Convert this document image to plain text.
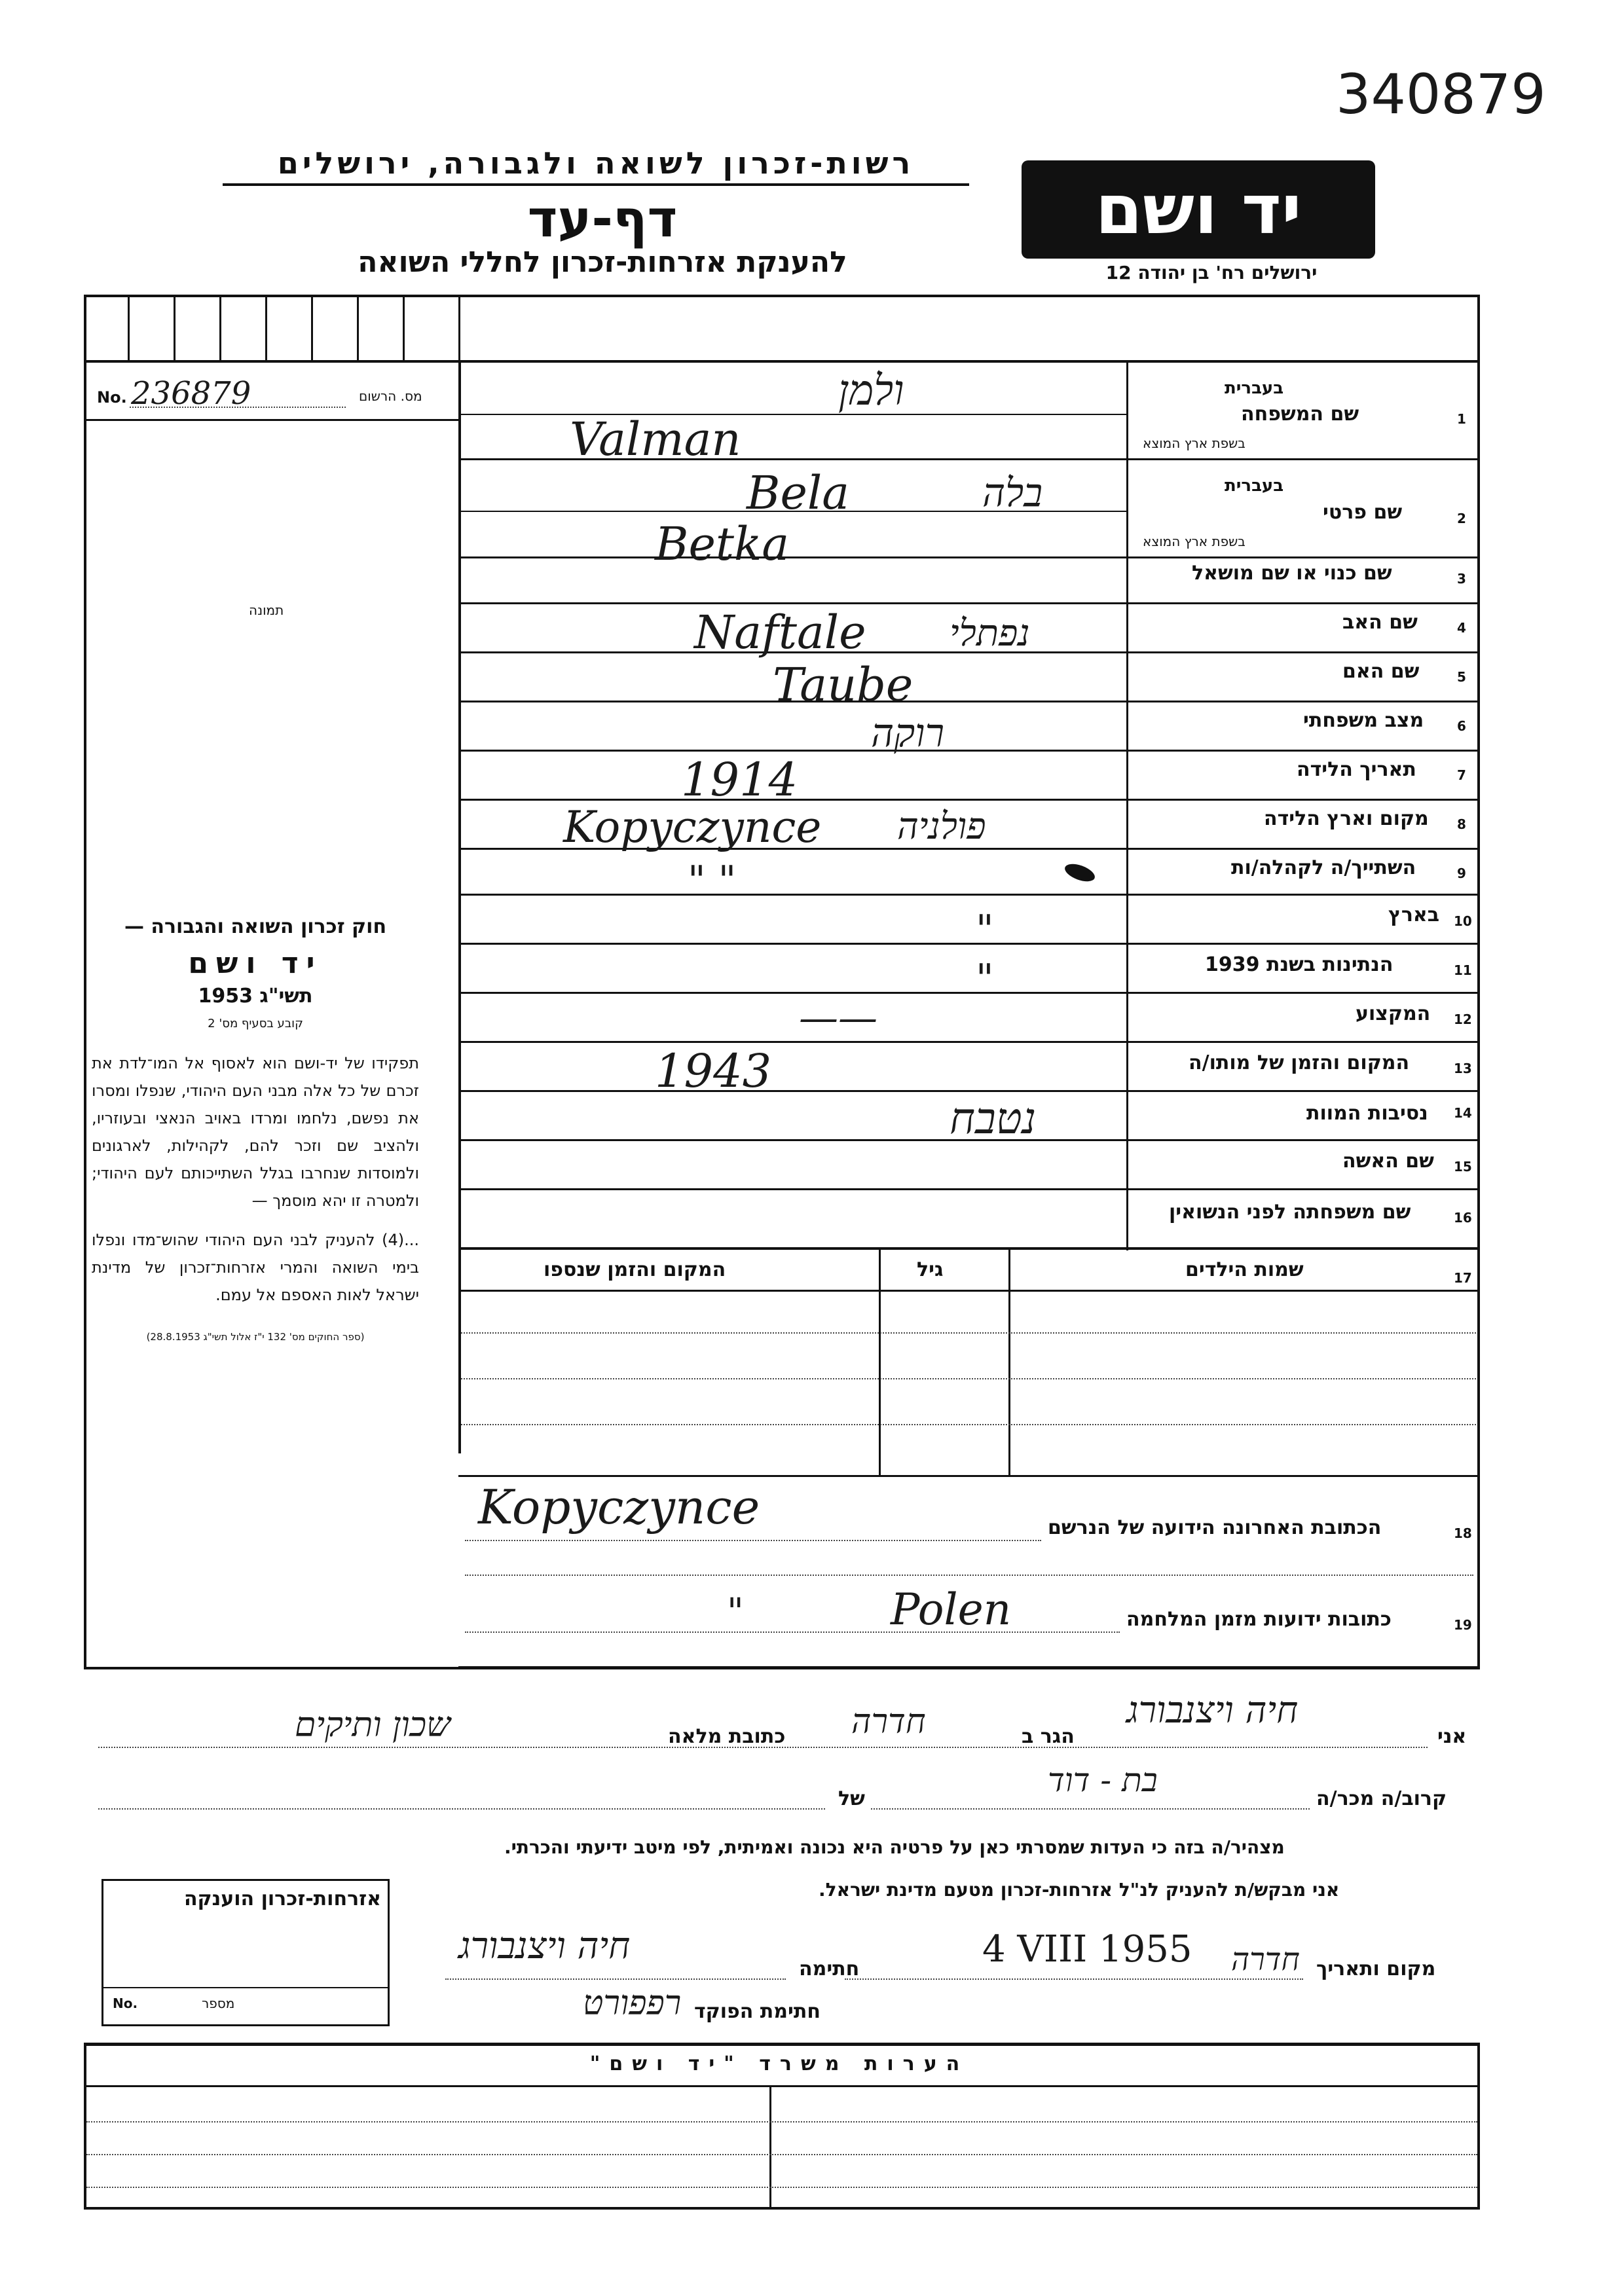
340879
רשות-זכרון לשואה ולגבורה, ירושלים
דף-עד
להענקת אזרחות-זכרון לחללי השואה
יד ושם
ירושלים רח' בן יהודה 12
No. 236879	מס. הרשום
תמונה
1
שם המשפחה
בעברית
בשפת ארץ המוצא
ולמן
Valman
2
שם פרטי
בעברית
בשפת ארץ המוצא
בלה
Bela
3
שם כנוי או שם מושאל
Betka
4
שם האב
Naftale נפתלי
5
שם האם
Taube
6
מצב משפחתי
רוקה
7
תאריך הלידה
1914
8
מקום וארץ הלידה
Kopyczynce פולניה
9
השתייך/ה לקהלה/ות
" "
10
בארץ
"
11
הנתינות בשנת 1939
"
12
המקצוע
——
13
המקום והזמן של מותו/ה
1943
14
נסיבות המוות
נטבח
15
שם האשה
16
שם משפחתה לפני הנשואין
17
שמות הילדים
גיל
המקום והזמן שנספו

חוק זכרון השואה והגבורה —

יד ושם

תשי"ג 1953

קובע בסעיף מס' 2

תפקידו של יד-ושם הוא לאסוף אל המו־לדת את זכרם של כל אלה מבני העם היהודי, שנפלו ומסרו את נפשם, נלחמו ומרדו באויב הנאצי ובעוזריו, ולהציב שם וזכר להם, לקהילות, לארגונים ולמוסדות שנחרבו בגלל השתייכותם לעם היהודי; ולמטרה זו יהא מוסמך —

...(4) להעניק לבני העם היהודי שהוש־מדו ונפלו בימי השואה והמרי אזרחות־זכרון של מדינת ישראל לאות האספם אל עמם.

(ספר החוקים מס' 132 י"ז אלול תשי"ג 28.8.1953)

18
הכתובת האחרונה הידועה של הנרשם
Kopyczynce
19
כתובות ידועות מזמן המלחמה
Polen
"
אני
חיה ויצנבורג
הגר ב
חדרה
כתובת מלאה
שכון ותיקים
קרוב/ה מכר/ה
בת - דוד
של
מצהיר/ה בזה כי העדות שמסרתי כאן על פרטיה היא נכונה ואמיתית, לפי מיטב ידיעתי והכרתי.
אני מבקש/ת להעניק לנ"ל אזרחות-זכרון מטעם מדינת ישראל.
מקום ותאריך
חדרה
4 VIII 1955
חתימה
חיה ויצנבורג
חתימת הפוקד
רפפורט
אזרחות-זכרון הוענקה
No.	מספר
הערות משרד "יד ושם"
